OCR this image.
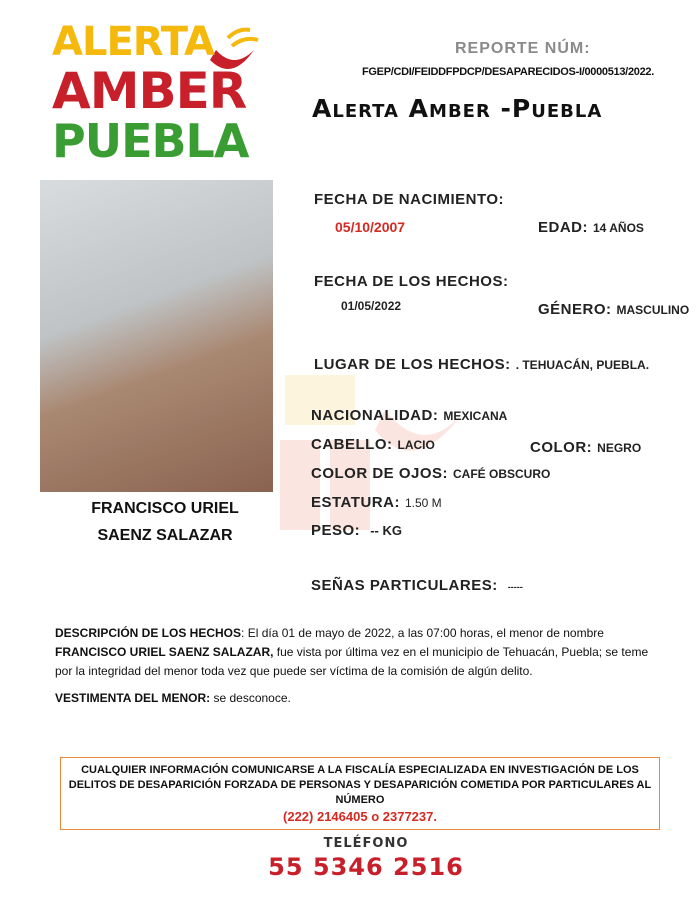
ALERTA
AMBER
PUEBLA
REPORTE NÚM:
FGEP/CDI/FEIDDFPDCP/DESAPARECIDOS-I/0000513/2022.
Alerta Amber -Puebla
FRANCISCO URIEL
SAENZ SALAZAR
FECHA DE NACIMIENTO:
05/10/2007	EDAD: 14 AÑOS
FECHA DE LOS HECHOS:
01/05/2022	GÉNERO: MASCULINO
LUGAR DE LOS HECHOS: . TEHUACÁN, PUEBLA.
NACIONALIDAD: MEXICANA
CABELLO: LACIO	COLOR: NEGRO
COLOR DE OJOS: CAFÉ OBSCURO
ESTATURA: 1.50 M
PESO: -- KG
SEÑAS PARTICULARES: -----
DESCRIPCIÓN DE LOS HECHOS: El día 01 de mayo de 2022, a las 07:00 horas, el menor de nombre FRANCISCO URIEL SAENZ SALAZAR, fue vista por última vez en el municipio de Tehuacán, Puebla; se teme por la integridad del menor toda vez que puede ser víctima de la comisión de algún delito.
VESTIMENTA DEL MENOR: se desconoce.
CUALQUIER INFORMACIÓN COMUNICARSE A LA FISCALÍA ESPECIALIZADA EN INVESTIGACIÓN DE LOS DELITOS DE DESAPARICIÓN FORZADA DE PERSONAS Y DESAPARICIÓN COMETIDA POR PARTICULARES AL NÚMERO
(222) 2146405 o 2377237.
TELÉFONO
55 5346 2516
